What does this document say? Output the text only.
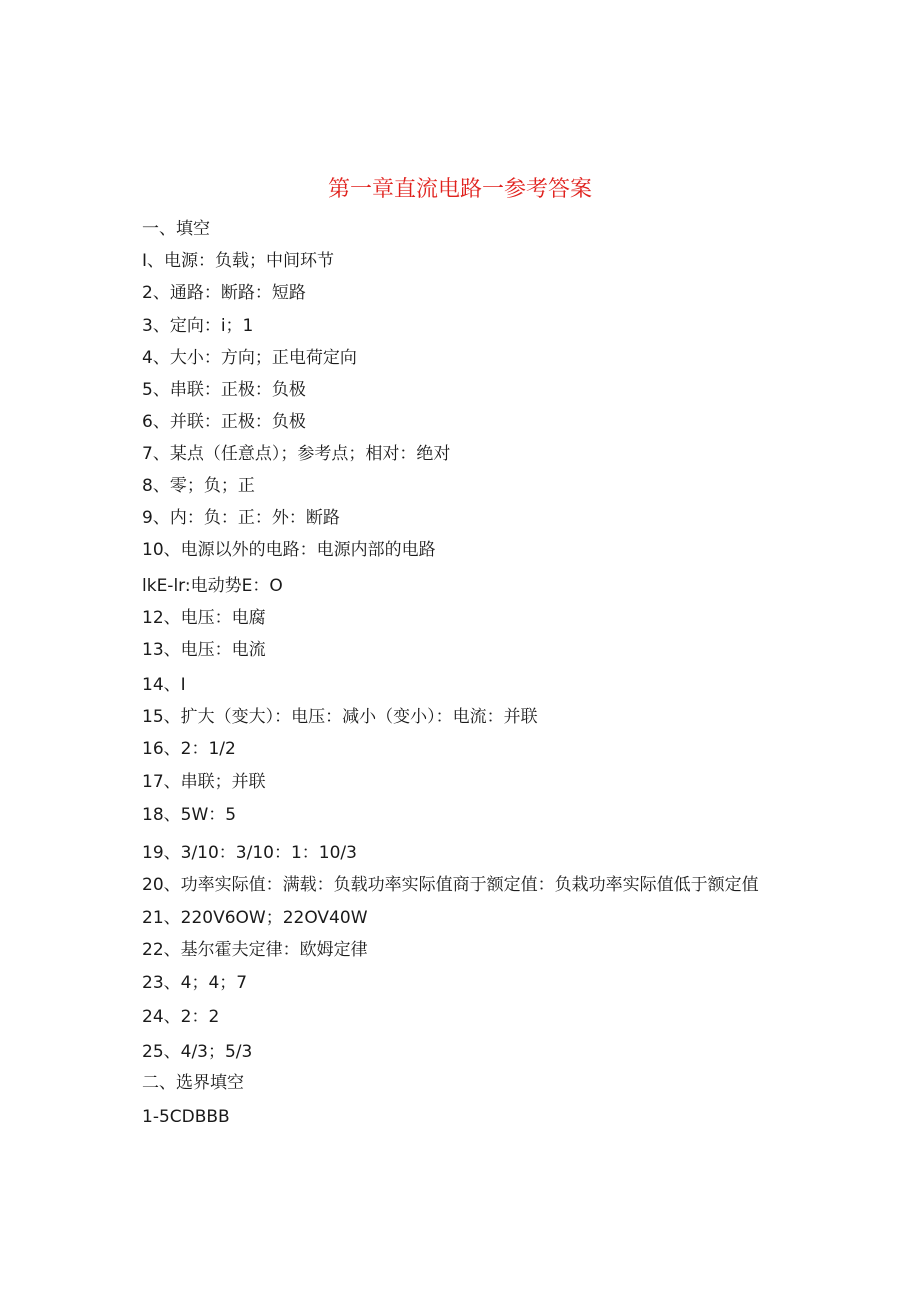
第一章直流电路一参考答案
一、填空
I、电源：负载；中间环节
2、通路：断路：短路
3、定向：i；1
4、大小：方向；正电荷定向
5、串联：正极：负极
6、并联：正极：负极
7、某点（任意点）；参考点；相对：绝对
8、零；负；正
9、内：负：正：外：断路
10、电源以外的电路：电源内部的电路
lkE-lr:电动势E：O
12、电压：电腐
13、电压：电流
14、I
15、扩大（变大）：电压：减小（变小）：电流：并联
16、2：1/2
17、串联；并联
18、5W：5
19、3/10：3/10：1：10/3
20、功率实际值：满载：负载功率实际值商于额定值：负栽功率实际值低于额定值
21、220V6OW；22OV40W
22、基尔霍夫定律：欧姆定律
23、4；4；7
24、2：2
25、4/3；5/3
二、选界填空
1-5CDBBB
